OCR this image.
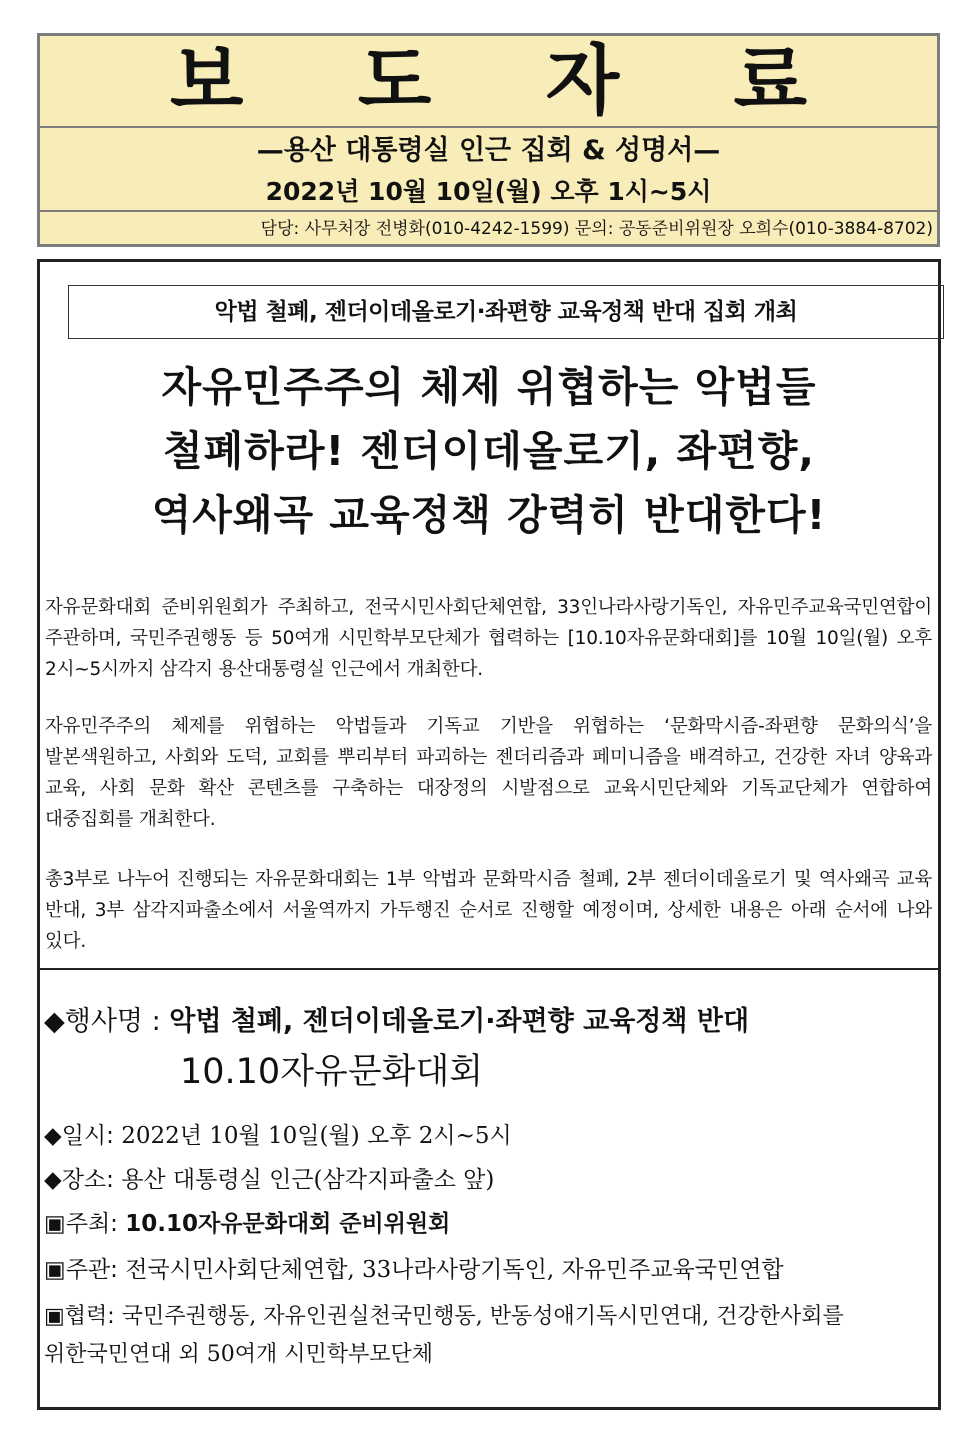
보 도 자 료
—용산 대통령실 인근 집회 & 성명서—
2022년 10월 10일(월) 오후 1시~5시
담당: 사무처장 전병화(010-4242-1599) 문의: 공동준비위원장 오희수(010-3884-8702)
악법 철폐, 젠더이데올로기·좌편향 교육정책 반대 집회 개최
자유민주주의 체제 위협하는 악법들
철폐하라! 젠더이데올로기, 좌편향,
역사왜곡 교육정책 강력히 반대한다!
자유문화대회 준비위원회가 주최하고, 전국시민사회단체연합, 33인나라사랑기독인, 자유민주교육국민연합이 주관하며, 국민주권행동 등 50여개 시민학부모단체가 협력하는 [10.10자유문화대회]를 10월 10일(월) 오후 2시~5시까지 삼각지 용산대통령실 인근에서 개최한다.
자유민주주의 체제를 위협하는 악법들과 기독교 기반을 위협하는 ‘문화막시즘-좌편향 문화의식’을 발본색원하고, 사회와 도덕, 교회를 뿌리부터 파괴하는 젠더리즘과 페미니즘을 배격하고, 건강한 자녀 양육과 교육, 사회 문화 확산 콘텐츠를 구축하는 대장정의 시발점으로 교육시민단체와 기독교단체가 연합하여 대중집회를 개최한다.
총3부로 나누어 진행되는 자유문화대회는 1부 악법과 문화막시즘 철폐, 2부 젠더이데올로기 및 역사왜곡 교육 반대, 3부 삼각지파출소에서 서울역까지 가두행진 순서로 진행할 예정이며, 상세한 내용은 아래 순서에 나와 있다.
◆행사명 : 악법 철폐, 젠더이데올로기·좌편향 교육정책 반대
10.10자유문화대회
◆일시: 2022년 10월 10일(월) 오후 2시~5시
◆장소: 용산 대통령실 인근(삼각지파출소 앞)
▣주최: 10.10자유문화대회 준비위원회
▣주관: 전국시민사회단체연합, 33나라사랑기독인, 자유민주교육국민연합
▣협력: 국민주권행동, 자유인권실천국민행동, 반동성애기독시민연대, 건강한사회를 위한국민연대 외 50여개 시민학부모단체
